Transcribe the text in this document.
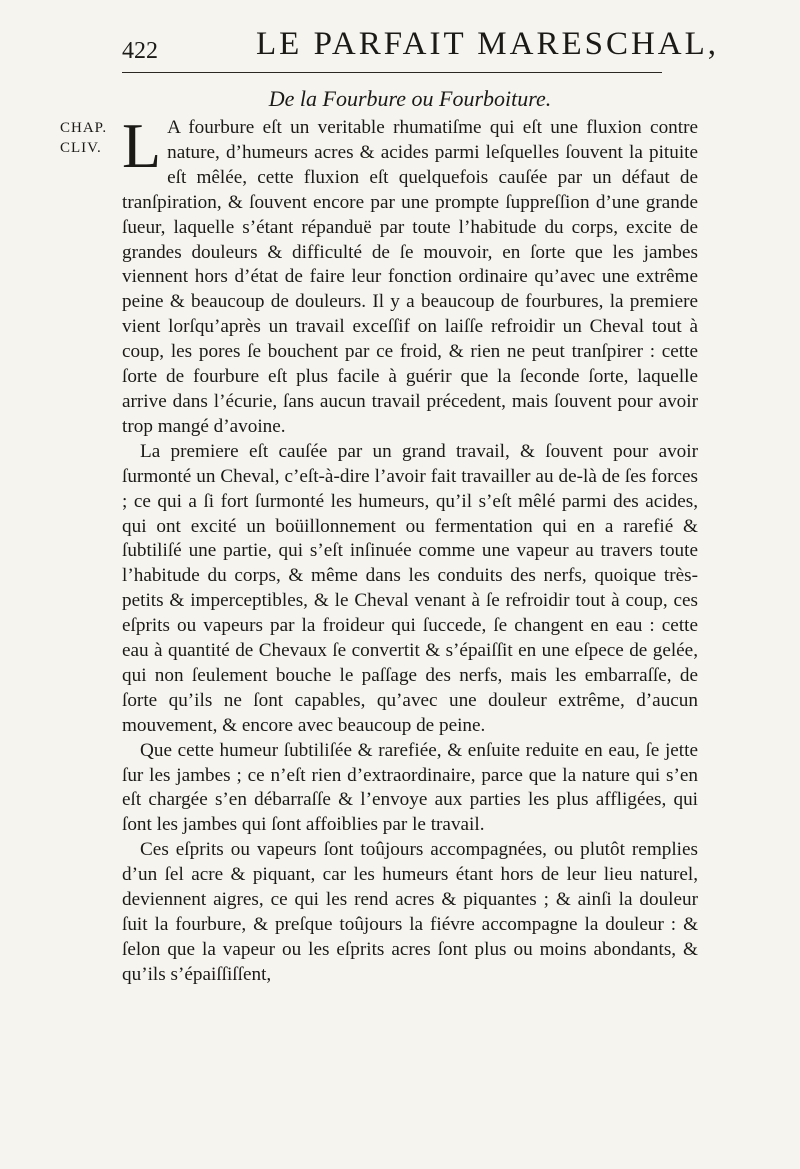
422	LE PARFAIT MARESCHAL,
CHAP.
CLIV.
De la Fourbure ou Fourboiture.

L A fourbure eſt un veritable rhumatiſme qui eſt une fluxion contre nature, d’humeurs acres & acides parmi leſquelles ſouvent la pituite eſt mêlée, cette fluxion eſt quelquefois cauſée par un défaut de tranſpiration, & ſouvent encore par une prompte ſuppreſſion d’une grande ſueur, laquelle s’étant répanduë par toute l’habitude du corps, excite de grandes douleurs & difficulté de ſe mouvoir, en ſorte que les jambes viennent hors d’état de faire leur fonction ordinaire qu’avec une extrême peine & beaucoup de douleurs. Il y a beaucoup de fourbures, la premiere vient lorſqu’après un travail exceſſif on laiſſe refroidir un Cheval tout à coup, les pores ſe bouchent par ce froid, & rien ne peut tranſpirer : cette ſorte de fourbure eſt plus facile à guérir que la ſeconde ſorte, laquelle arrive dans l’écurie, ſans aucun travail précedent, mais ſouvent pour avoir trop mangé d’avoine.

La premiere eſt cauſée par un grand travail, & ſouvent pour avoir ſurmonté un Cheval, c’eſt-à-dire l’avoir fait travailler au de-là de ſes forces ; ce qui a ſi fort ſurmonté les humeurs, qu’il s’eſt mêlé parmi des acides, qui ont excité un boüillonnement ou fermentation qui en a rarefié & ſubtiliſé une partie, qui s’eſt inſinuée comme une vapeur au travers toute l’habitude du corps, & même dans les conduits des nerfs, quoique très-petits & imperceptibles, & le Cheval venant à ſe refroidir tout à coup, ces eſprits ou vapeurs par la froideur qui ſuccede, ſe changent en eau : cette eau à quantité de Chevaux ſe convertit & s’épaiſſit en une eſpece de gelée, qui non ſeulement bouche le paſſage des nerfs, mais les embarraſſe, de ſorte qu’ils ne ſont capables, qu’avec une douleur extrême, d’aucun mouvement, & encore avec beaucoup de peine.

Que cette humeur ſubtiliſée & rarefiée, & enſuite reduite en eau, ſe jette ſur les jambes ; ce n’eſt rien d’extraordinaire, parce que la nature qui s’en eſt chargée s’en débarraſſe & l’envoye aux parties les plus affligées, qui ſont les jambes qui ſont affoiblies par le travail.

Ces eſprits ou vapeurs ſont toûjours accompagnées, ou plutôt remplies d’un ſel acre & piquant, car les humeurs étant hors de leur lieu naturel, deviennent aigres, ce qui les rend acres & piquantes ; & ainſi la douleur ſuit la fourbure, & preſque toûjours la fiévre accompagne la douleur : & ſelon que la vapeur ou les eſprits acres ſont plus ou moins abondants, & qu’ils s’épaiſſiſſent,
